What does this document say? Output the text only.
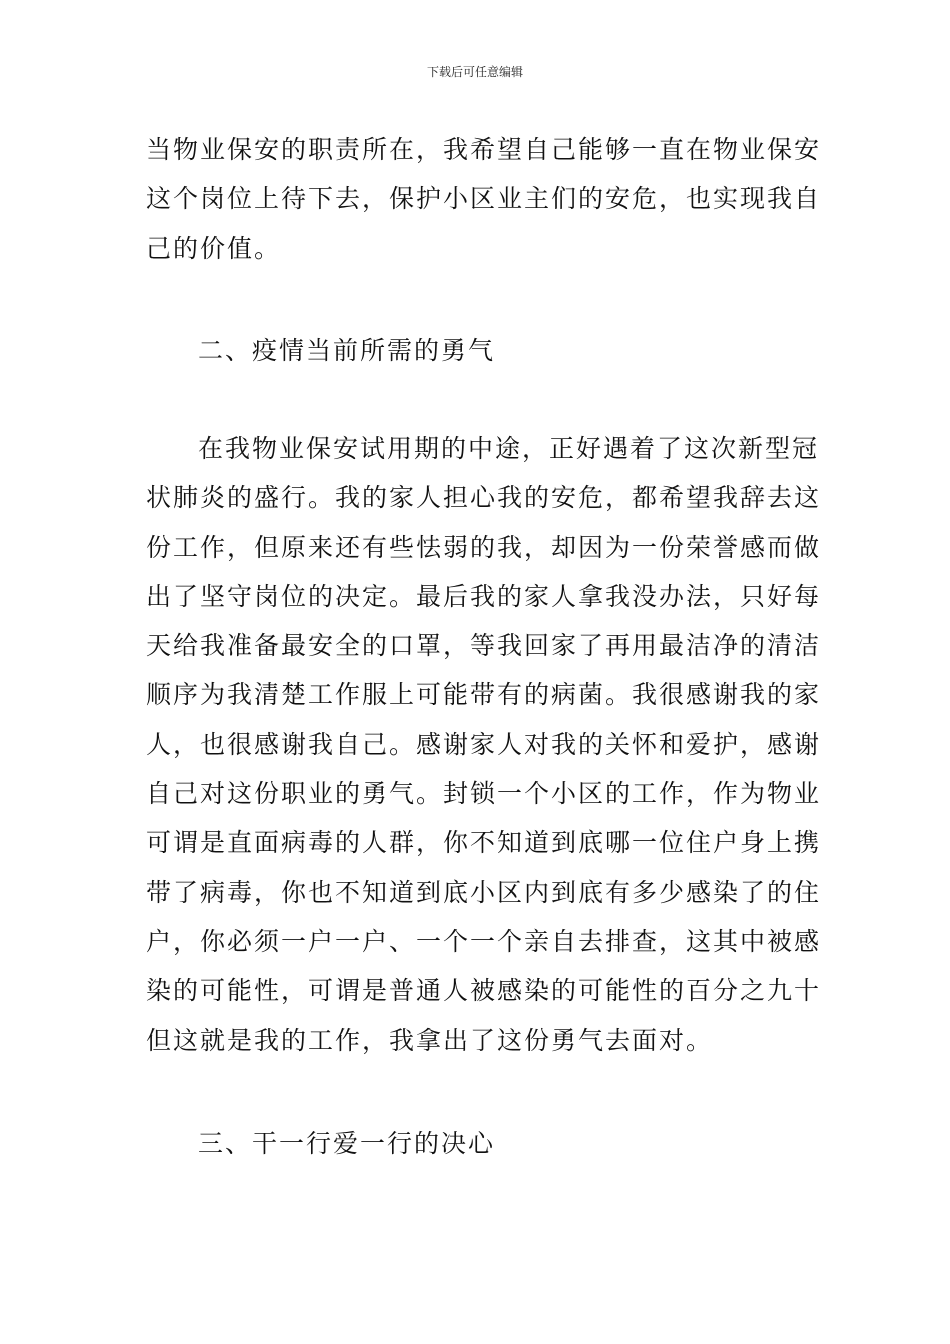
下载后可任意编辑
当物业保安的职责所在，我希望自己能够一直在物业保安
这个岗位上待下去，保护小区业主们的安危，也实现我自
己的价值。
二、疫情当前所需的勇气
在我物业保安试用期的中途，正好遇着了这次新型冠
状肺炎的盛行。我的家人担心我的安危，都希望我辞去这
份工作，但原来还有些怯弱的我，却因为一份荣誉感而做
出了坚守岗位的决定。最后我的家人拿我没办法，只好每
天给我准备最安全的口罩，等我回家了再用最洁净的清洁
顺序为我清楚工作服上可能带有的病菌。我很感谢我的家
人，也很感谢我自己。感谢家人对我的关怀和爱护，感谢
自己对这份职业的勇气。封锁一个小区的工作，作为物业
可谓是直面病毒的人群，你不知道到底哪一位住户身上携
带了病毒，你也不知道到底小区内到底有多少感染了的住
户，你必须一户一户、一个一个亲自去排查，这其中被感
染的可能性，可谓是普通人被感染的可能性的百分之九十
但这就是我的工作，我拿出了这份勇气去面对。
三、干一行爱一行的决心
